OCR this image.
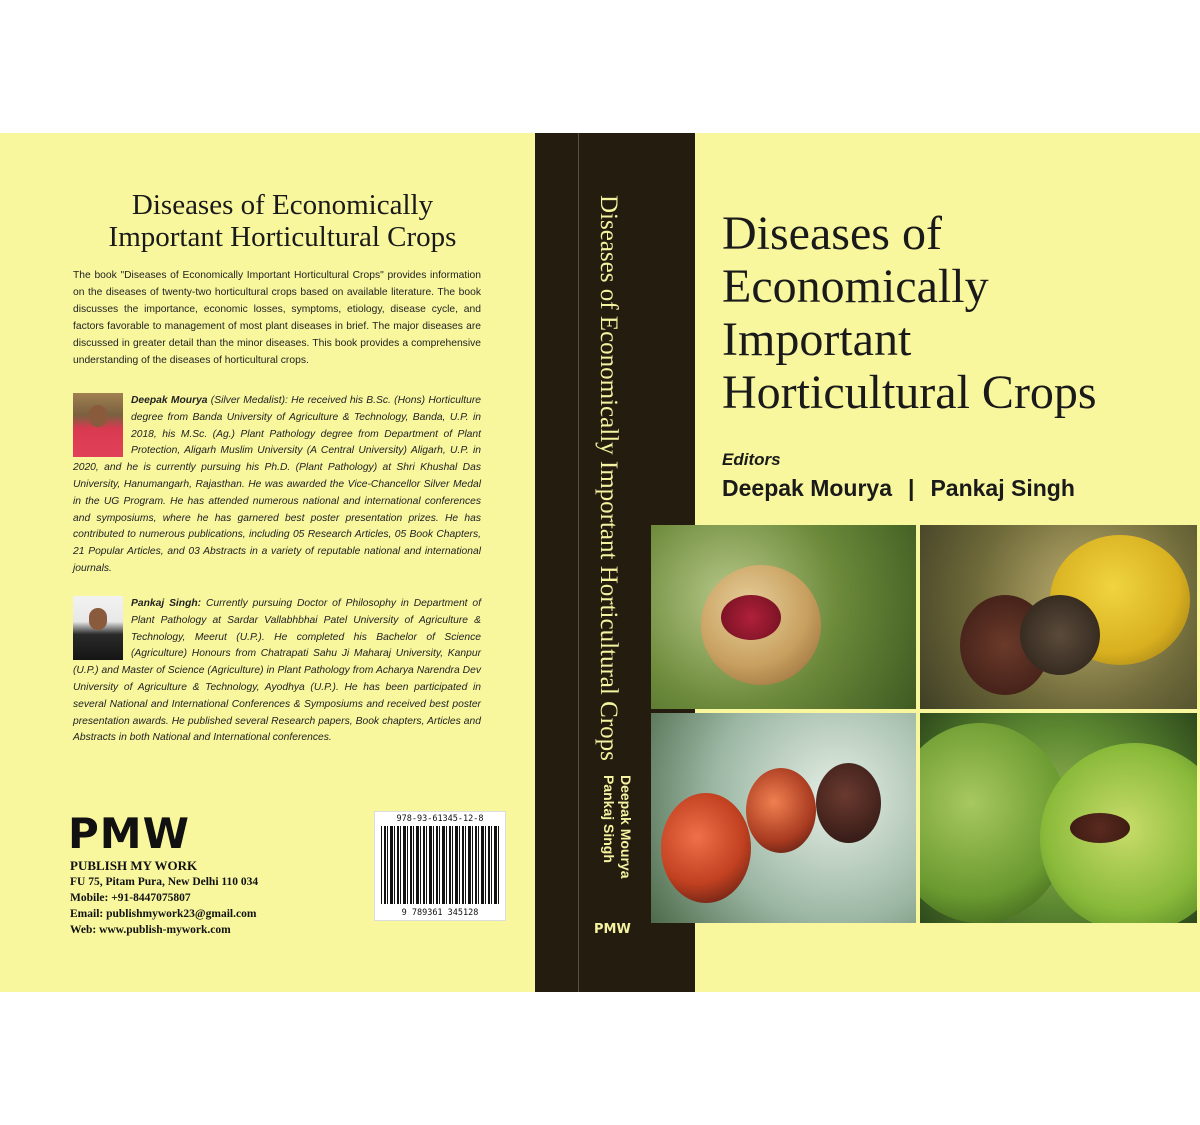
Diseases of Economically
Important Horticultural Crops
The book "Diseases of Economically Important Horticultural Crops" provides information on the diseases of twenty-two horticultural crops based on available literature. The book discusses the importance, economic losses, symptoms, etiology, disease cycle, and factors favorable to management of most plant diseases in brief. The major diseases are discussed in greater detail than the minor diseases. This book provides a comprehensive understanding of the diseases of horticultural crops.
Deepak Mourya (Silver Medalist): He received his B.Sc. (Hons) Horticulture degree from Banda University of Agriculture & Technology, Banda, U.P. in 2018, his M.Sc. (Ag.) Plant Pathology degree from Department of Plant Protection, Aligarh Muslim University (A Central University) Aligarh, U.P. in 2020, and he is currently pursuing his Ph.D. (Plant Pathology) at Shri Khushal Das University, Hanumangarh, Rajasthan. He was awarded the Vice-Chancellor Silver Medal in the UG Program. He has attended numerous national and international conferences and symposiums, where he has garnered best poster presentation prizes. He has contributed to numerous publications, including 05 Research Articles, 05 Book Chapters, 21 Popular Articles, and 03 Abstracts in a variety of reputable national and international journals.
Pankaj Singh: Currently pursuing Doctor of Philosophy in Department of Plant Pathology at Sardar Vallabhbhai Patel University of Agriculture & Technology, Meerut (U.P.). He completed his Bachelor of Science (Agriculture) Honours from Chatrapati Sahu Ji Maharaj University, Kanpur (U.P.) and Master of Science (Agriculture) in Plant Pathology from Acharya Narendra Dev University of Agriculture & Technology, Ayodhya (U.P.). He has been participated in several National and International Conferences & Symposiums and received best poster presentation awards. He published several Research papers, Book chapters, Articles and Abstracts in both National and International conferences.
PMW
PUBLISH MY WORK
FU 75, Pitam Pura, New Delhi 110 034
Mobile: +91-8447075807
Email: publishmywork23@gmail.com
Web: www.publish-mywork.com
978-93-61345-12-8
9 789361 345128
Diseases of Economically Important Horticultural Crops
Deepak Mourya
Pankaj Singh
PMW
Diseases of
Economically
Important
Horticultural Crops
Editors
Deepak Mourya | Pankaj Singh
